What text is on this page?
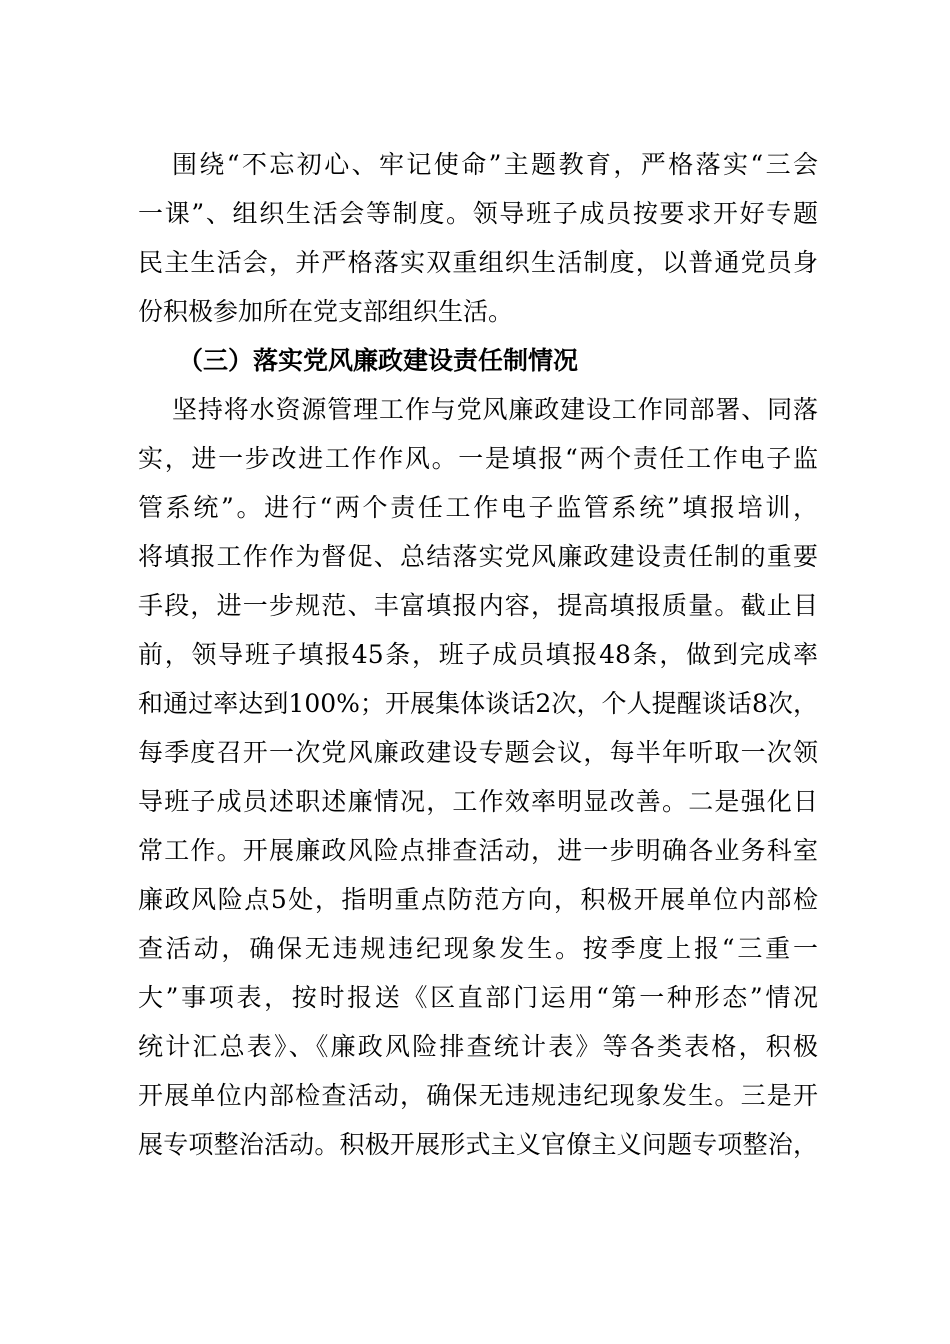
围绕“不忘初心、牢记使命”主题教育，严格落实“三会
一课”、组织生活会等制度。领导班子成员按要求开好专题
民主生活会，并严格落实双重组织生活制度，以普通党员身
份积极参加所在党支部组织生活。
（三）落实党风廉政建设责任制情况
坚持将水资源管理工作与党风廉政建设工作同部署、同落
实，进一步改进工作作风。一是填报“两个责任工作电子监
管系统”。进行“两个责任工作电子监管系统”填报培训，
将填报工作作为督促、总结落实党风廉政建设责任制的重要
手段，进一步规范、丰富填报内容，提高填报质量。截止目
前，领导班子填报45条，班子成员填报48条，做到完成率
和通过率达到100%；开展集体谈话2次，个人提醒谈话8次，
每季度召开一次党风廉政建设专题会议，每半年听取一次领
导班子成员述职述廉情况，工作效率明显改善。二是强化日
常工作。开展廉政风险点排查活动，进一步明确各业务科室
廉政风险点5处，指明重点防范方向，积极开展单位内部检
查活动，确保无违规违纪现象发生。按季度上报“三重一
大”事项表，按时报送《区直部门运用“第一种形态”情况
统计汇总表》、《廉政风险排查统计表》等各类表格，积极
开展单位内部检查活动，确保无违规违纪现象发生。三是开
展专项整治活动。积极开展形式主义官僚主义问题专项整治，
